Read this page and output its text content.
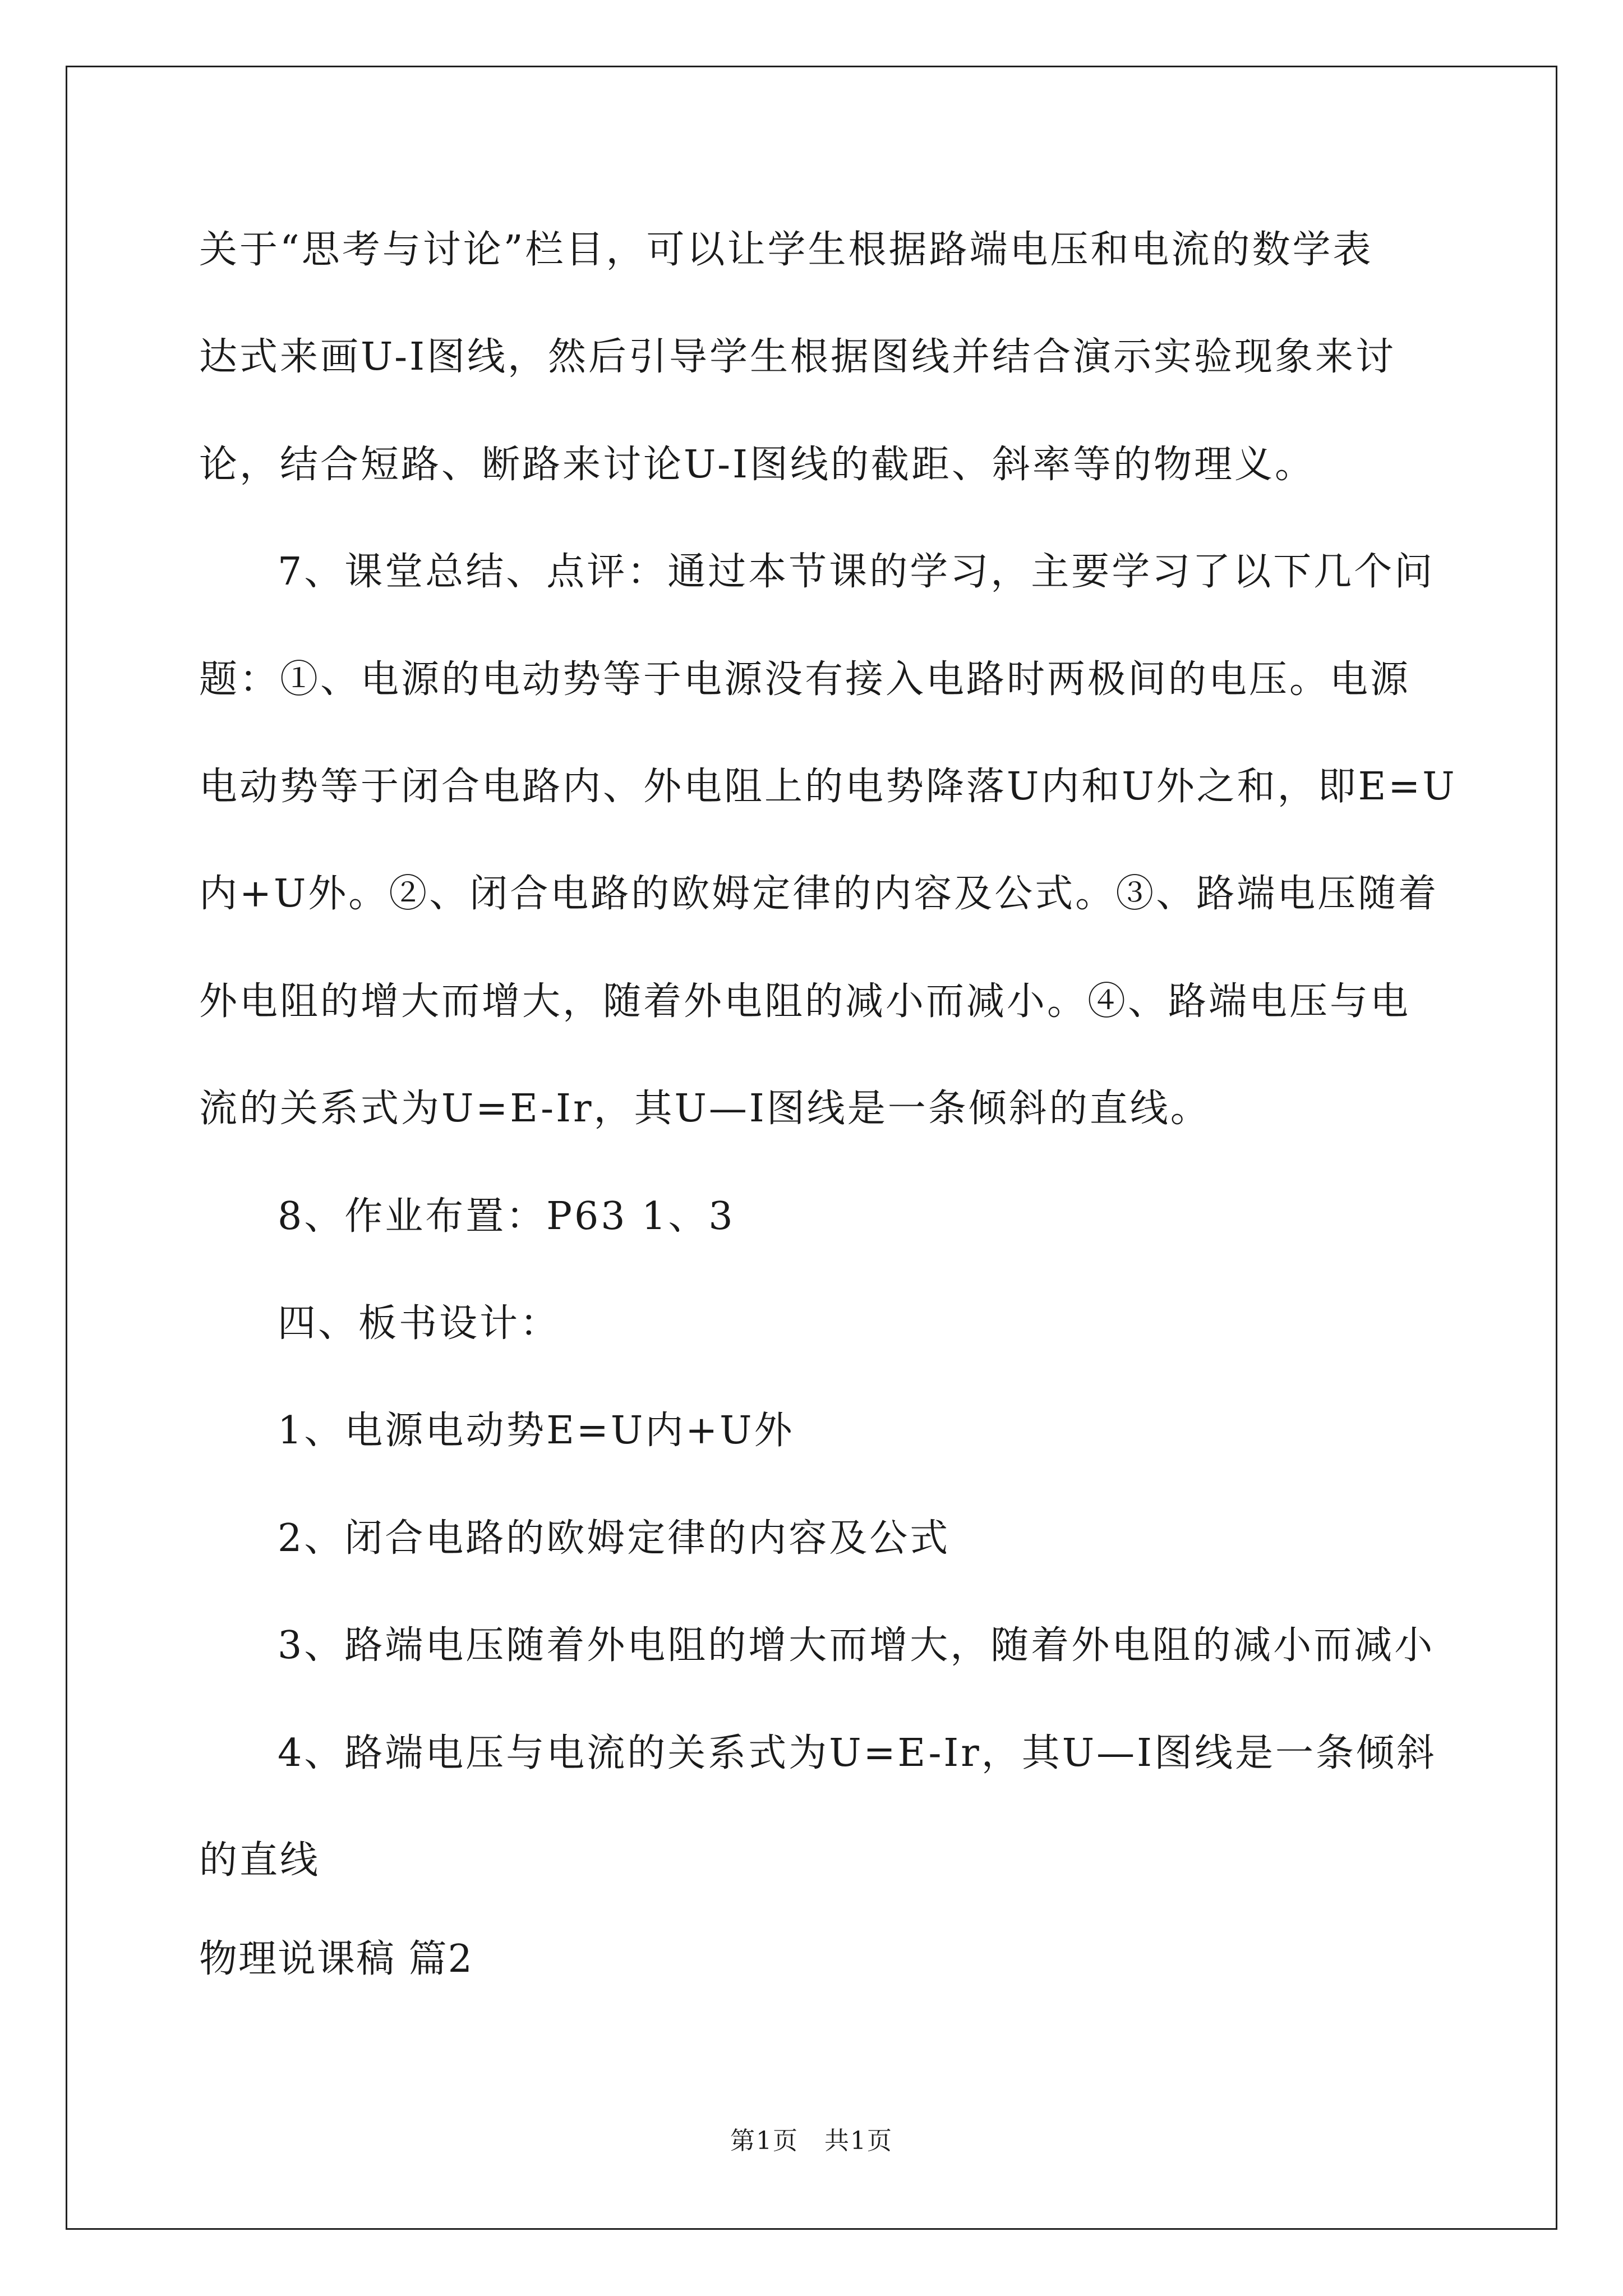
关于“思考与讨论”栏目，可以让学生根据路端电压和电流的数学表
达式来画U-I图线，然后引导学生根据图线并结合演示实验现象来讨
论，结合短路、断路来讨论U-I图线的截距、斜率等的物理义。
7、课堂总结、点评：通过本节课的学习，主要学习了以下几个问
题：①、电源的电动势等于电源没有接入电路时两极间的电压。电源
电动势等于闭合电路内、外电阻上的电势降落U内和U外之和，即E=U
内+U外。②、闭合电路的欧姆定律的内容及公式。③、路端电压随着
外电阻的增大而增大，随着外电阻的减小而减小。④、路端电压与电
流的关系式为U=E-Ir，其U—I图线是一条倾斜的直线。
8、作业布置：P63 1、3
四、板书设计：
1、电源电动势E=U内+U外
2、闭合电路的欧姆定律的内容及公式
3、路端电压随着外电阻的增大而增大，随着外电阻的减小而减小
4、路端电压与电流的关系式为U=E-Ir，其U—I图线是一条倾斜
的直线
物理说课稿 篇2
第1页　共1页
